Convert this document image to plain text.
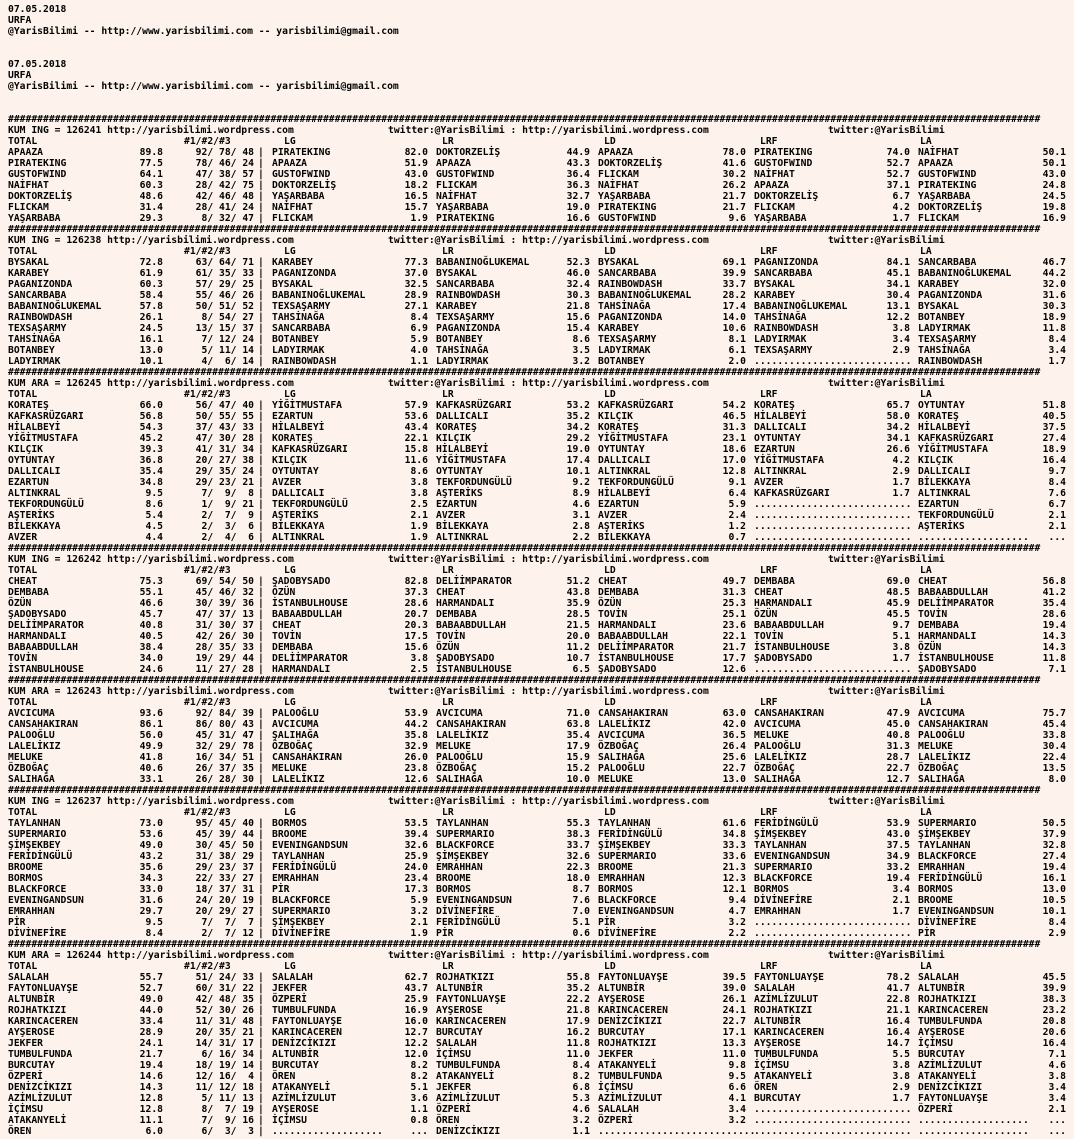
07.05.2018
URFA
@YarisBilimi -- http://www.yarisbilimi.com -- yarisbilimi@gmail.com
07.05.2018
URFA
@YarisBilimi -- http://www.yarisbilimi.com -- yarisbilimi@gmail.com
#################################################################################################################################################################################
KUM ING = 126241 http://yarisbilimi.wordpress.com	twitter:@YarisBilimi : http://yarisbilimi.wordpress.com	twitter:@YarisBilimi
TOTAL	#1/#2/#3	LG	LR	LD	LRF	LA
APAAZA	89.8	92/ 78/ 48 | PIRATEKING	82.0 DOKTORZELİŞ	44.9 APAAZA	78.0 PIRATEKING	74.0 NAİFHAT	50.1
PIRATEKING	77.5	78/ 46/ 24 | APAAZA	51.9 APAAZA	43.3 DOKTORZELİŞ	41.6 GUSTOFWIND	52.7 APAAZA	50.1
GUSTOFWIND	64.1	47/ 38/ 57 | GUSTOFWIND	43.0 GUSTOFWIND	36.4 FLICKAM	30.2 NAİFHAT	52.7 GUSTOFWIND	43.0
NAİFHAT	60.3	28/ 42/ 75 | DOKTORZELİŞ	18.2 FLICKAM	36.3 NAİFHAT	26.2 APAAZA	37.1 PIRATEKING	24.8
DOKTORZELİŞ	48.6	42/ 46/ 48 | YAŞARBABA	16.5 NAİFHAT	32.7 YAŞARBABA	21.7 DOKTORZELİŞ	6.7 YAŞARBABA	24.5
FLICKAM	31.4	28/ 41/ 24 | NAİFHAT	15.7 YAŞARBABA	19.0 PIRATEKING	21.7 FLICKAM	4.2 DOKTORZELİŞ	19.8
YAŞARBABA	29.3	8/ 32/ 47 | FLICKAM	1.9 PIRATEKING	16.6 GUSTOFWIND	9.6 YAŞARBABA	1.7 FLICKAM	16.9
#################################################################################################################################################################################
KUM ING = 126238 http://yarisbilimi.wordpress.com	twitter:@YarisBilimi : http://yarisbilimi.wordpress.com	twitter:@YarisBilimi
TOTAL	#1/#2/#3	LG	LR	LD	LRF	LA
BYSAKAL	72.8	63/ 64/ 71 | KARABEY	77.3 BABANINOĞLUKEMAL	52.3 BYSAKAL	69.1 PAGANIZONDA	84.1 SANCARBABA	46.7
KARABEY	61.9	61/ 35/ 33 | PAGANIZONDA	37.0 BYSAKAL	46.0 SANCARBABA	39.9 SANCARBABA	45.1 BABANINOĞLUKEMAL	44.2
PAGANIZONDA	60.3	57/ 29/ 25 | BYSAKAL	32.5 SANCARBABA	32.4 RAINBOWDASH	33.7 BYSAKAL	34.1 KARABEY	32.0
SANCARBABA	58.4	55/ 46/ 26 | BABANINOĞLUKEMAL	28.9 RAINBOWDASH	30.3 BABANINOĞLUKEMAL	28.2 KARABEY	30.4 PAGANIZONDA	31.6
BABANINOĞLUKEMAL	57.8	50/ 51/ 52 | TEXSAŞARMY	27.1 KARABEY	21.8 TAHSİNAĞA	17.4 BABANINOĞLUKEMAL	13.1 BYSAKAL	30.3
RAINBOWDASH	26.1	8/ 54/ 27 | TAHSİNAĞA	8.4 TEXSAŞARMY	15.6 PAGANIZONDA	14.0 TAHSİNAĞA	12.2 BOTANBEY	18.9
TEXSAŞARMY	24.5	13/ 15/ 37 | SANCARBABA	6.9 PAGANIZONDA	15.4 KARABEY	10.6 RAINBOWDASH	3.8 LADYIRMAK	11.8
TAHSİNAĞA	16.1	7/ 12/ 24 | BOTANBEY	5.9 BOTANBEY	8.6 TEXSAŞARMY	8.1 LADYIRMAK	3.4 TEXSAŞARMY	8.4
BOTANBEY	13.0	5/ 11/ 14 | LADYIRMAK	4.0 TAHSİNAĞA	3.5 LADYIRMAK	6.1 TEXSAŞARMY	2.9 TAHSİNAĞA	3.4
LADYIRMAK	10.1	4/  6/ 14 | RAINBOWDASH	1.1 LADYIRMAK	3.2 BOTANBEY	2.0 ........................... RAINBOWDASH	1.7
#################################################################################################################################################################################
KUM ARA = 126245 http://yarisbilimi.wordpress.com	twitter:@YarisBilimi : http://yarisbilimi.wordpress.com	twitter:@YarisBilimi
TOTAL	#1/#2/#3	LG	LR	LD	LRF	LA
KORATEŞ	66.0	56/ 47/ 40 | YİĞİTMUSTAFA	57.9 KAFKASRÜZGARI	53.2 KAFKASRÜZGARI	54.2 KORATEŞ	65.7 OYTUNTAY	51.8
KAFKASRÜZGARI	56.8	50/ 55/ 55 | EZARTUN	53.6 DALLICALI	35.2 KILÇIK	46.5 HİLALBEYİ	58.0 KORATEŞ	40.5
HİLALBEYİ	54.3	37/ 43/ 33 | HİLALBEYİ	43.4 KORATEŞ	34.2 KORATEŞ	31.3 DALLICALI	34.2 HİLALBEYİ	37.5
YİĞİTMUSTAFA	45.2	47/ 30/ 28 | KORATEŞ	22.1 KILÇIK	29.2 YİĞİTMUSTAFA	23.1 OYTUNTAY	34.1 KAFKASRÜZGARI	27.4
KILÇIK	39.3	41/ 31/ 34 | KAFKASRÜZGARI	15.8 HİLALBEYİ	19.0 OYTUNTAY	18.6 EZARTUN	26.6 YİĞİTMUSTAFA	18.9
OYTUNTAY	36.8	20/ 27/ 38 | KILÇIK	11.6 YİĞİTMUSTAFA	17.4 DALLICALI	17.0 YİĞİTMUSTAFA	4.2 KILÇIK	16.4
DALLICALI	35.4	29/ 35/ 24 | OYTUNTAY	8.6 OYTUNTAY	10.1 ALTINKRAL	12.8 ALTINKRAL	2.9 DALLICALI	9.7
EZARTUN	34.8	29/ 23/ 21 | AVZER	3.8 TEKFORDUNGÜLÜ	9.2 TEKFORDUNGÜLÜ	9.1 AVZER	1.7 BİLEKKAYA	8.4
ALTINKRAL	9.5	7/  9/  8 | DALLICALI	3.8 AŞTERİKS	8.9 HİLALBEYİ	6.4 KAFKASRÜZGARI	1.7 ALTINKRAL	7.6
TEKFORDUNGÜLÜ	8.6	1/  9/ 21 | TEKFORDUNGÜLÜ	2.5 EZARTUN	4.6 EZARTUN	5.9 ........................... EZARTUN	6.7
AŞTERİKS	5.4	2/  7/  9 | AŞTERİKS	2.1 AVZER	3.1 AVZER	2.4 ........................... TEKFORDUNGÜLÜ	2.1
BİLEKKAYA	4.5	2/  3/  6 | BİLEKKAYA	1.9 BİLEKKAYA	2.8 AŞTERİKS	1.2 ........................... AŞTERİKS	2.1
AVZER	4.4	2/  4/  6 | ALTINKRAL	1.9 ALTINKRAL	2.2 BİLEKKAYA	0.7 ........................... ................... ...
#################################################################################################################################################################################
KUM ING = 126242 http://yarisbilimi.wordpress.com	twitter:@YarisBilimi : http://yarisbilimi.wordpress.com	twitter:@YarisBilimi
TOTAL	#1/#2/#3	LG	LR	LD	LRF	LA
CHEAT	75.3	69/ 54/ 50 | ŞADOBYSADO	82.8 DELİİMPARATOR	51.2 CHEAT	49.7 DEMBABA	69.0 CHEAT	56.8
DEMBABA	55.1	45/ 46/ 32 | ÖZÜN	37.3 CHEAT	43.8 DEMBABA	31.3 CHEAT	48.5 BABAABDULLAH	41.2
ÖZÜN	46.6	30/ 39/ 36 | İSTANBULHOUSE	28.6 HARMANDALI	35.9 ÖZÜN	25.3 HARMANDALI	45.9 DELİİMPARATOR	35.4
ŞADOBYSADO	45.7	47/ 37/ 13 | BABAABDULLAH	20.7 DEMBABA	28.5 TOVİN	25.1 ÖZÜN	45.5 TOVİN	28.6
DELİİMPARATOR	40.8	31/ 30/ 37 | CHEAT	20.3 BABAABDULLAH	21.5 HARMANDALI	23.6 BABAABDULLAH	9.7 DEMBABA	19.4
HARMANDALI	40.5	42/ 26/ 30 | TOVİN	17.5 TOVİN	20.0 BABAABDULLAH	22.1 TOVİN	5.1 HARMANDALI	14.3
BABAABDULLAH	38.4	28/ 35/ 33 | DEMBABA	15.6 ÖZÜN	11.2 DELİİMPARATOR	21.7 İSTANBULHOUSE	3.8 ÖZÜN	14.3
TOVİN	34.0	19/ 29/ 44 | DELİİMPARATOR	3.8 ŞADOBYSADO	10.7 İSTANBULHOUSE	17.7 ŞADOBYSADO	1.7 İSTANBULHOUSE	11.8
İSTANBULHOUSE	24.6	11/ 27/ 28 | HARMANDALI	2.5 İSTANBULHOUSE	6.5 ŞADOBYSADO	12.6 ........................... ŞADOBYSADO	7.1
#################################################################################################################################################################################
KUM ARA = 126243 http://yarisbilimi.wordpress.com	twitter:@YarisBilimi : http://yarisbilimi.wordpress.com	twitter:@YarisBilimi
TOTAL	#1/#2/#3	LG	LR	LD	LRF	LA
AVCICUMA	93.6	92/ 84/ 39 | PALOOĞLU	53.9 AVCICUMA	71.0 CANSAHAKIRAN	63.0 CANSAHAKIRAN	47.9 AVCICUMA	75.7
CANSAHAKIRAN	86.1	86/ 80/ 43 | AVCICUMA	44.2 CANSAHAKIRAN	63.8 LALELİKIZ	42.0 AVCICUMA	45.0 CANSAHAKIRAN	45.4
PALOOĞLU	56.0	45/ 31/ 47 | ŞALIHAĞA	35.8 LALELİKIZ	35.4 AVCICUMA	36.5 MELUKE	40.8 PALOOĞLU	33.8
LALELİKIZ	49.9	32/ 29/ 78 | ÖZBOĞAÇ	32.9 MELUKE	17.9 ÖZBOĞAÇ	26.4 PALOOĞLU	31.3 MELUKE	30.4
MELUKE	41.8	16/ 34/ 51 | CANSAHAKIRAN	26.0 PALOOĞLU	15.9 SALIHAĞA	25.6 LALELİKIZ	28.7 LALELİKIZ	22.4
ÖZBOĞAÇ	40.6	26/ 37/ 35 | MELUKE	23.8 ÖZBOĞAÇ	15.2 PALOOĞLU	22.7 ÖZBOĞAÇ	22.7 ÖZBOĞAÇ	13.5
SALIHAĞA	33.1	26/ 28/ 30 | LALELİKIZ	12.6 SALIHAĞA	10.0 MELUKE	13.0 SALIHAĞA	12.7 SALIHAĞA	8.0
#################################################################################################################################################################################
KUM ING = 126237 http://yarisbilimi.wordpress.com	twitter:@YarisBilimi : http://yarisbilimi.wordpress.com	twitter:@YarisBilimi
TOTAL	#1/#2/#3	LG	LR	LD	LRF	LA
TAYLANHAN	73.0	95/ 45/ 40 | BORMOS	53.5 TAYLANHAN	55.3 TAYLANHAN	61.6 FERİDİNGÜLÜ	53.9 SUPERMARIO	50.5
SUPERMARIO	53.6	45/ 39/ 44 | BROOME	39.4 SUPERMARIO	38.3 FERİDİNGÜLÜ	34.8 ŞİMŞEKBEY	43.0 ŞİMŞEKBEY	37.9
ŞİMŞEKBEY	49.0	30/ 45/ 50 | EVENINGANDSUN	32.6 BLACKFORCE	33.7 ŞİMŞEKBEY	33.3 TAYLANHAN	37.5 TAYLANHAN	32.8
FERİDİNGÜLÜ	43.2	31/ 38/ 29 | TAYLANHAN	25.9 ŞİMŞEKBEY	32.6 SUPERMARIO	33.6 EVENINGANDSUN	34.9 BLACKFORCE	27.4
BROOME	35.6	29/ 23/ 37 | FERİDİNGÜLÜ	24.0 EMRAHHAN	22.3 BROOME	21.3 SUPERMARIO	33.2 EMRAHHAN	19.4
BORMOS	34.3	22/ 33/ 27 | EMRAHHAN	23.4 BROOME	18.0 EMRAHHAN	12.3 BLACKFORCE	19.4 FERİDİNGÜLÜ	16.1
BLACKFORCE	33.0	18/ 37/ 31 | PİR	17.3 BORMOS	8.7 BORMOS	12.1 BORMOS	3.4 BORMOS	13.0
EVENINGANDSUN	31.6	24/ 20/ 19 | BLACKFORCE	5.9 EVENINGANDSUN	7.6 BLACKFORCE	9.4 DİVİNEFİRE	2.1 BROOME	10.5
EMRAHHAN	29.7	20/ 29/ 27 | SUPERMARIO	3.2 DİVİNEFİRE	7.0 EVENINGANDSUN	4.7 EMRAHHAN	1.7 EVENINGANDSUN	10.1
PİR	9.5	7/  7/  7 | ŞİMŞEKBEY	2.1 FERİDİNGÜLÜ	5.1 PİR	3.2 ........................... DİVİNEFİRE	8.4
DİVİNEFİRE	8.4	2/  7/ 12 | DİVİNEFİRE	1.9 PİR	0.6 DİVİNEFİRE	2.2 ........................... PİR	2.9
#################################################################################################################################################################################
KUM ARA = 126244 http://yarisbilimi.wordpress.com	twitter:@YarisBilimi : http://yarisbilimi.wordpress.com	twitter:@YarisBilimi
TOTAL	#1/#2/#3	LG	LR	LD	LRF	LA
SALALAH	55.7	51/ 24/ 33 | SALALAH	62.7 ROJHATKIZI	55.8 FAYTONLUAYŞE	39.5 FAYTONLUAYŞE	78.2 SALALAH	45.5
FAYTONLUAYŞE	52.7	60/ 31/ 22 | JEKFER	43.7 ALTUNBİR	35.2 ALTUNBİR	39.0 SALALAH	41.7 ALTUNBİR	39.9
ALTUNBİR	49.0	42/ 48/ 35 | ÖZPERİ	25.9 FAYTONLUAYŞE	22.2 AYŞEROSE	26.1 AZİMLİZULUT	22.8 ROJHATKIZI	38.3
ROJHATKIZI	44.0	52/ 30/ 26 | TUMBULFUNDA	16.9 AYŞEROSE	21.8 KARINCACEREN	24.1 ROJHATKIZI	21.1 KARINCACEREN	23.2
KARINCACEREN	33.4	11/ 31/ 48 | FAYTONLUAYŞE	16.0 KARINCACEREN	17.9 DENİZCİKIZI	22.7 ALTUNBİR	16.4 TUMBULFUNDA	20.8
AYŞEROSE	28.9	20/ 35/ 21 | KARINCACEREN	12.7 BURCUTAY	16.2 BURCUTAY	17.1 KARINCACEREN	16.4 AYŞEROSE	20.6
JEKFER	24.1	14/ 31/ 17 | DENİZCİKIZI	12.2 SALALAH	11.8 ROJHATKIZI	13.3 AYŞEROSE	14.7 İÇİMSU	16.4
TUMBULFUNDA	21.7	6/ 16/ 34 | ALTUNBİR	12.0 İÇİMSU	11.0 JEKFER	11.0 TUMBULFUNDA	5.5 BURCUTAY	7.1
BURCUTAY	19.4	18/ 19/ 14 | BURCUTAY	8.2 TUMBULFUNDA	8.4 ATAKANYELİ	9.8 İÇİMSU	3.8 AZİMLİZULUT	4.6
ÖZPERİ	14.6	12/ 16/  4 | ÖREN	8.2 ATAKANYELİ	8.2 TUMBULFUNDA	9.5 ATAKANYELİ	3.8 ATAKANYELİ	3.8
DENİZCİKIZI	14.3	11/ 12/ 18 | ATAKANYELİ	5.1 JEKFER	6.8 İÇİMSU	6.6 ÖREN	2.9 DENİZCİKIZI	3.4
AZİMLİZULUT	12.8	5/ 11/ 13 | AZİMLİZULUT	3.6 AZİMLİZULUT	5.3 AZİMLİZULUT	4.1 BURCUTAY	1.7 FAYTONLUAYŞE	3.4
İÇİMSU	12.8	8/  7/ 19 | AYŞEROSE	1.1 ÖZPERİ	4.6 SALALAH	3.4 ........................... ÖZPERİ	2.1
ATAKANYELİ	11.1	7/  9/ 16 | İÇİMSU	0.8 ÖREN	3.2 ÖZPERİ	3.2 ........................... ................... ...
ÖREN	6.0	6/  3/  3 | ...................	... DENİZCİKIZI	1.1 ...........................
........................... ................... ...
